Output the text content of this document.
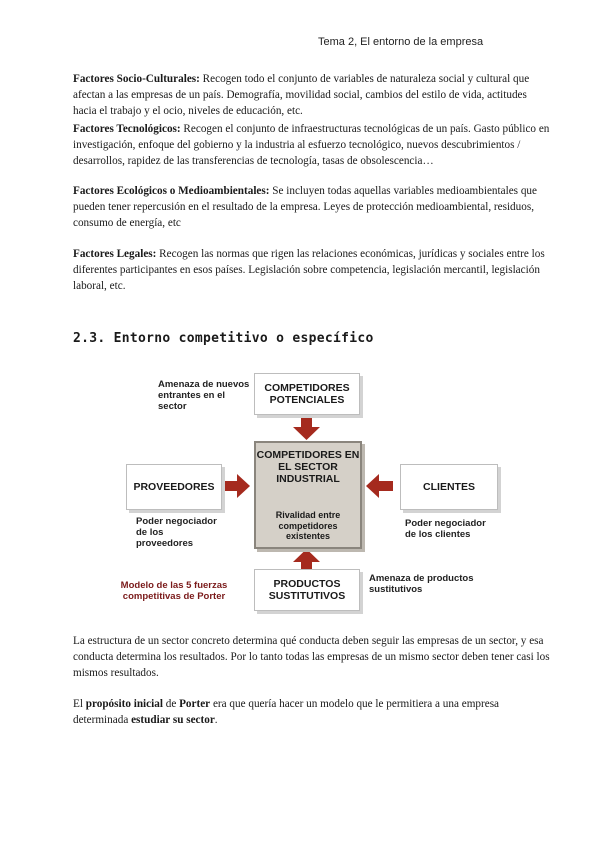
Tema 2, El entorno de la empresa
Factores Socio-Culturales: Recogen todo el conjunto de variables de naturaleza social y cultural que afectan a las empresas de un país. Demografía, movilidad social, cambios del estilo de vida, actitudes hacia el trabajo y el ocio, niveles de educación, etc.
Factores Tecnológicos: Recogen el conjunto de infraestructuras tecnológicas de un país. Gasto público en investigación, enfoque del gobierno y la industria al esfuerzo tecnológico, nuevos descubrimientos / desarrollos, rapidez de las transferencias de tecnología, tasas de obsolescencia…
Factores Ecológicos o Medioambientales: Se incluyen todas aquellas variables medioambientales que pueden tener repercusión en el resultado de la empresa. Leyes de protección medioambiental, residuos, consumo de energía, etc
Factores Legales: Recogen las normas que rigen las relaciones económicas, jurídicas y sociales entre los diferentes participantes en esos países. Legislación sobre competencia, legislación mercantil, legislación laboral, etc.
2.3. Entorno competitivo o específico
COMPETIDORES POTENCIALES
PROVEEDORES	CLIENTES
PRODUCTOS SUSTITUTIVOS
COMPETIDORES EN EL SECTOR INDUSTRIAL
Rivalidad entre competidores existentes
Amenaza de nuevos entrantes en el sector
Poder negociador de los proveedores
Poder negociador de los clientes
Amenaza de productos sustitutivos
Modelo de las 5 fuerzas competitivas de Porter
La estructura de un sector concreto determina qué conducta deben seguir las empresas de un sector, y esa conducta determina los resultados. Por lo tanto todas las empresas de un mismo sector deben tener casi los mismos resultados.
El propósito inicial de Porter era que quería hacer un modelo que le permitiera a una empresa determinada estudiar su sector.
